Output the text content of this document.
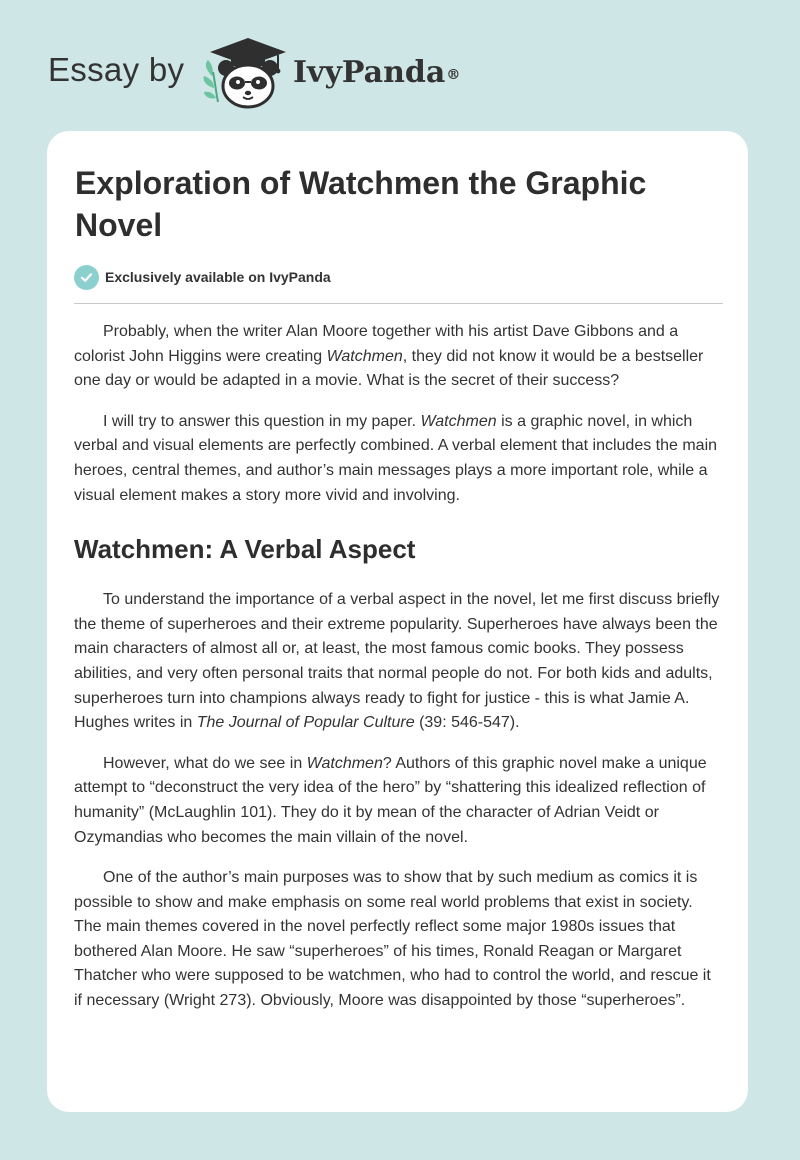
Essay by	IvyPanda®
Exploration of Watchmen the Graphic Novel
Exclusively available on IvyPanda

Probably, when the writer Alan Moore together with his artist Dave Gibbons and a colorist John Higgins were creating Watchmen, they did not know it would be a bestseller one day or would be adapted in a movie. What is the secret of their success?

I will try to answer this question in my paper. Watchmen is a graphic novel, in which verbal and visual elements are perfectly combined. A verbal element that includes the main heroes, central themes, and author’s main messages plays a more important role, while a visual element makes a story more vivid and involving.

Watchmen: A Verbal Aspect

To understand the importance of a verbal aspect in the novel, let me first discuss briefly the theme of superheroes and their extreme popularity. Superheroes have always been the main characters of almost all or, at least, the most famous comic books. They possess abilities, and very often personal traits that normal people do not. For both kids and adults, superheroes turn into champions always ready to fight for justice - this is what Jamie A. Hughes writes in The Journal of Popular Culture (39: 546-547).

However, what do we see in Watchmen? Authors of this graphic novel make a unique attempt to “deconstruct the very idea of the hero” by “shattering this idealized reflection of humanity” (McLaughlin 101). They do it by mean of the character of Adrian Veidt or Ozymandias who becomes the main villain of the novel.

One of the author’s main purposes was to show that by such medium as comics it is possible to show and make emphasis on some real world problems that exist in society. The main themes covered in the novel perfectly reflect some major 1980s issues that bothered Alan Moore. He saw “superheroes” of his times, Ronald Reagan or Margaret Thatcher who were supposed to be watchmen, who had to control the world, and rescue it if necessary (Wright 273). Obviously, Moore was disappointed by those “superheroes”.
